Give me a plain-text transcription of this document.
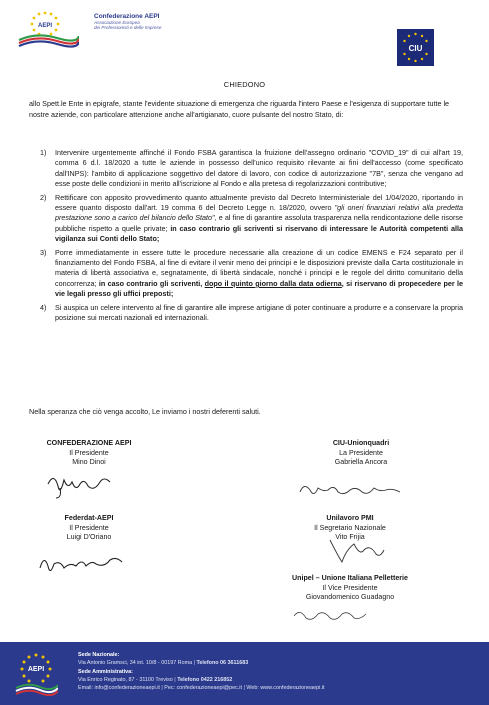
AEPI
Confederazione AEPI
Associazione Europea
dei Professionisti e delle Imprese
CIU
CHIEDONO
allo Spett.le Ente in epigrafe, stante l'evidente situazione di emergenza che riguarda l'intero Paese e l'esigenza di supportare tutte le nostre aziende, con particolare attenzione anche all'artigianato, cuore pulsante del nostro Stato, di:
1) Intervenire urgentemente affinché il Fondo FSBA garantisca la fruizione dell'assegno ordinario "COVID_19" di cui all'art 19, comma 6 d.l. 18/2020 a tutte le aziende in possesso dell'unico requisito rilevante ai fini dell'accesso (come specificato dall'INPS): l'ambito di applicazione soggettivo del datore di lavoro, con codice di autorizzazione "7B", senza che vengano ad esse poste delle condizioni in merito all'iscrizione al Fondo e alla pretesa di regolarizzazioni contributive;
2) Rettificare con apposito provvedimento quanto attualmente previsto dal Decreto Interministeriale del 1/04/2020, riportando in essere quanto disposto dall'art. 19 comma 6 del Decreto Legge n. 18/2020, ovvero "gli oneri finanziari relativi alla predetta prestazione sono a carico del bilancio dello Stato", e al fine di garantire assoluta trasparenza nella rendicontazione delle risorse pubbliche rispetto a quelle private; in caso contrario gli scriventi si riservano di interessare le Autorità competenti alla vigilanza sui Conti dello Stato;
3) Porre immediatamente in essere tutte le procedure necessarie alla creazione di un codice EMENS e F24 separato per il finanziamento del Fondo FSBA, al fine di evitare il venir meno dei principi e le disposizioni previste dalla Carta costituzionale in materia di libertà associativa e, segnatamente, di libertà sindacale, nonché i principi e le regole del diritto comunitario della concorrenza; in caso contrario gli scriventi, dopo il quinto giorno dalla data odierna, si riservano di propecedere per le vie legali presso gli uffici preposti;
4) Si auspica un celere intervento al fine di garantire alle imprese artigiane di poter continuare a produrre e a conservare la propria posizione sui mercati nazionali ed internazionali.
Nella speranza che ciò venga accolto, Le inviamo i nostri deferenti saluti.
CONFEDERAZIONE AEPI
Il Presidente
Mino Dinoi
CIU-Unionquadri
La Presidente
Gabriella Ancora
Federdat-AEPI
Il Presidente
Luigi D'Oriano
Unilavoro PMI
Il Segretario Nazionale
Vito Frijia
Unipel – Unione Italiana Pelletterie
Il Vice Presidente
Giovandomenico Guadagno
AEPI
Sede Nazionale:
Via Antonio Gramsci, 34 int. 10/8 - 00197 Roma | Telefono 06 3611683
Sede Amministrativa:
Via Enrico Reginato, 87 - 31100 Treviso | Telefono 0422 216852
Email: info@confederazioneaepi.it | Pec: confederazioneaepi@pec.it | Web: www.confederazioneaepi.it
